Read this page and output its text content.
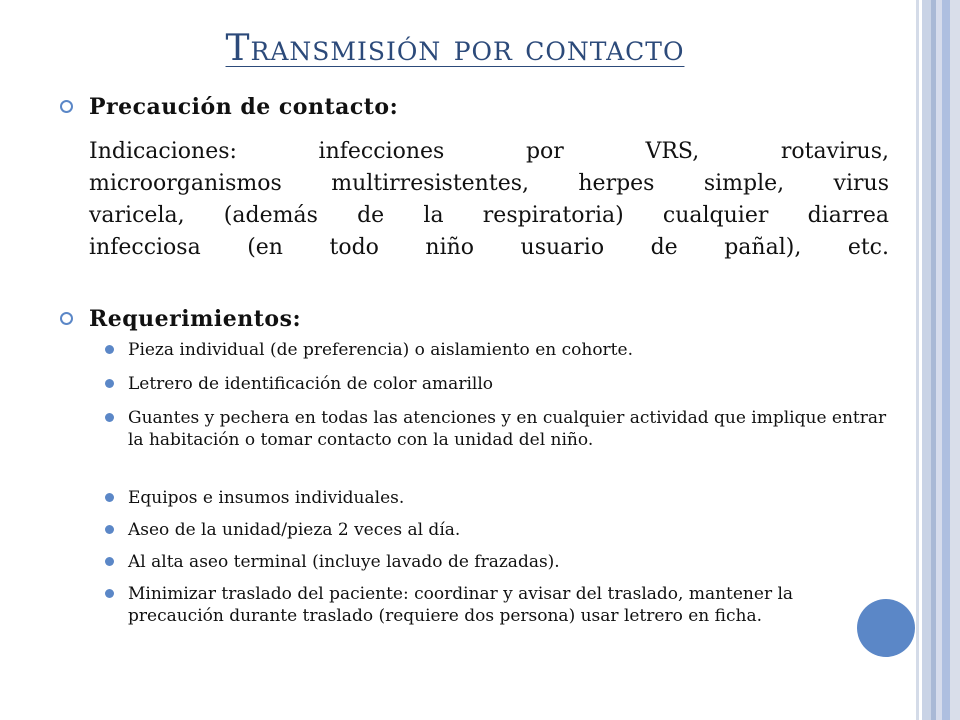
Transmisión por contacto
Precaución de contacto:
Indicaciones: infecciones por VRS, rotavirus,
microorganismos multirresistentes, herpes simple, virus
varicela, (además de la respiratoria) cualquier diarrea
infecciosa (en todo niño usuario de pañal), etc.
Requerimientos:
Pieza individual (de preferencia) o aislamiento en cohorte.
Letrero de identificación de color amarillo
Guantes y pechera en todas las atenciones y en cualquier actividad que implique entrar la habitación o tomar contacto con la unidad del niño.
Equipos e insumos individuales.
Aseo de la unidad/pieza 2 veces al día.
Al alta aseo terminal (incluye lavado de frazadas).
Minimizar traslado del paciente: coordinar y avisar del traslado, mantener la precaución durante traslado (requiere dos persona) usar letrero en ficha.
